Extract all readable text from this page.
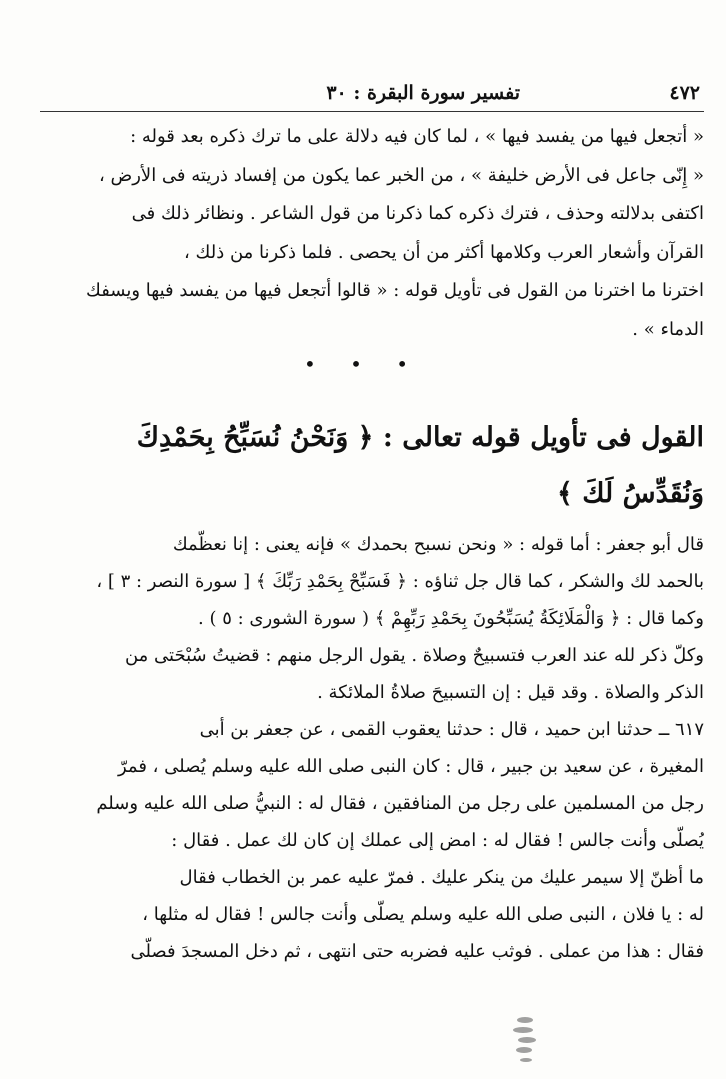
٤٧٢
تفسير سورة البقرة : ٣٠
« أتجعل فيها من يفسد فيها » ، لما كان فيه دلالة على ما ترك ذكره بعد قوله :
« إِنّى جاعل فى الأرض خليفة » ، من الخبر عما يكون من إفساد ذريته فى الأرض ،
اكتفى بدلالته وحذف ، فترك ذكره كما ذكرنا من قول الشاعر . ونظائر ذلك فى
القرآن وأشعار العرب وكلامها أكثر من أن يحصى . فلما ذكرنا من ذلك ،
اخترنا ما اخترنا من القول فى تأويل قوله : « قالوا أتجعل فيها من يفسد فيها ويسفك
الدماء » .
• • •
القول فى تأويل قوله تعالى : ﴿ وَنَحْنُ نُسَبِّحُ بِحَمْدِكَ
وَنُقَدِّسُ لَكَ ﴾
قال أبو جعفر : أما قوله : « ونحن نسبح بحمدك » فإنه يعنى : إنا نعظّمك
بالحمد لك والشكر ، كما قال جل ثناؤه : ﴿ فَسَبِّحْ بِحَمْدِ رَبِّكَ ﴾ [ سورة النصر : ٣ ] ،
وكما قال : ﴿ وَالْمَلَائِكَةُ يُسَبِّحُونَ بِحَمْدِ رَبِّهِمْ ﴾ ( سورة الشورى : ٥ ) .
وكلّ ذكر لله عند العرب فتسبيحٌ وصلاة . يقول الرجل منهم : قضيتُ سُبْحَتى من
الذكر والصلاة . وقد قيل : إن التسبيحَ صلاةُ الملائكة .
٦١٧ ــ حدثنا ابن حميد ، قال : حدثنا يعقوب القمى ، عن جعفر بن أبى
المغيرة ، عن سعيد بن جبير ، قال : كان النبى صلى الله عليه وسلم يُصلى ، فمرّ
رجل من المسلمين على رجل من المنافقين ، فقال له : النبيُّ صلى الله عليه وسلم
يُصلّى وأنت جالس ! فقال له : امض إلى عملك إن كان لك عمل . فقال :
ما أظنّ إلا سيمر عليك من ينكر عليك . فمرّ عليه عمر بن الخطاب فقال
له : يا فلان ، النبى صلى الله عليه وسلم يصلّى وأنت جالس ! فقال له مثلها ،
فقال : هذا من عملى . فوثب عليه فضربه حتى انتهى ، ثم دخل المسجدَ فصلّى
